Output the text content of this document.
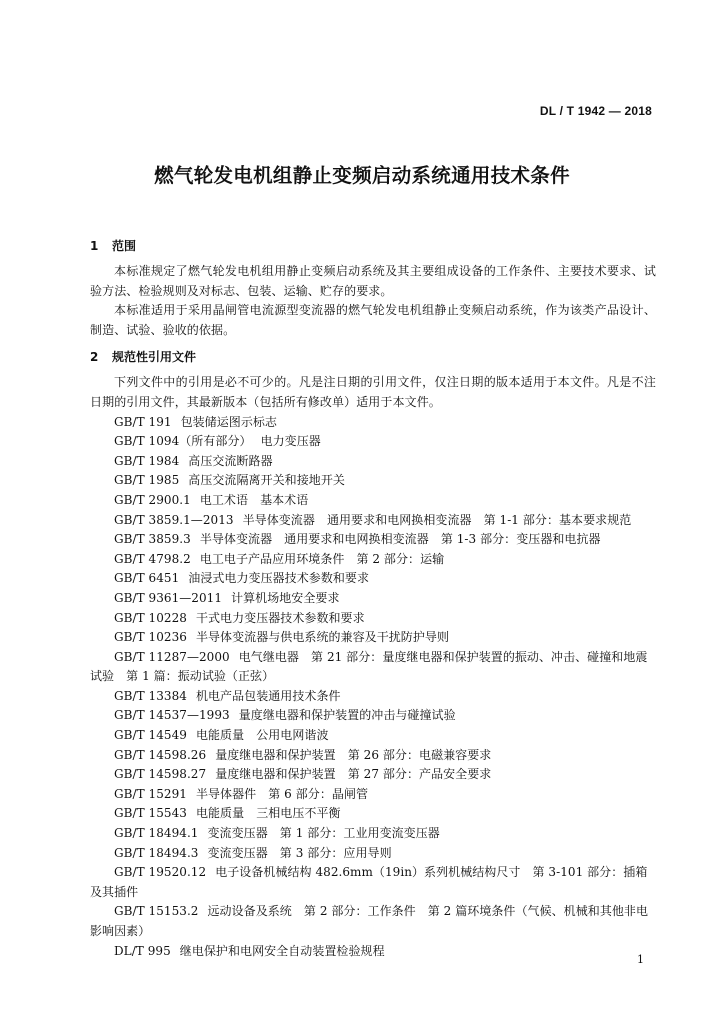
DL / T 1942 — 2018
燃气轮发电机组静止变频启动系统通用技术条件
1 范围

本标准规定了燃气轮发电机组用静止变频启动系统及其主要组成设备的工作条件、主要技术要求、试验方法、检验规则及对标志、包装、运输、贮存的要求。

本标准适用于采用晶闸管电流源型变流器的燃气轮发电机组静止变频启动系统，作为该类产品设计、制造、试验、验收的依据。

2 规范性引用文件

下列文件中的引用是必不可少的。凡是注日期的引用文件，仅注日期的版本适用于本文件。凡是不注日期的引用文件，其最新版本（包括所有修改单）适用于本文件。

GB/T 191 包装储运图示标志

GB/T 1094（所有部分） 电力变压器

GB/T 1984 高压交流断路器

GB/T 1985 高压交流隔离开关和接地开关

GB/T 2900.1 电工术语　基本术语

GB/T 3859.1—2013 半导体变流器　通用要求和电网换相变流器　第 1-1 部分：基本要求规范

GB/T 3859.3 半导体变流器　通用要求和电网换相变流器　第 1-3 部分：变压器和电抗器

GB/T 4798.2 电工电子产品应用环境条件　第 2 部分：运输

GB/T 6451 油浸式电力变压器技术参数和要求

GB/T 9361—2011 计算机场地安全要求

GB/T 10228 干式电力变压器技术参数和要求

GB/T 10236 半导体变流器与供电系统的兼容及干扰防护导则

GB/T 11287—2000 电气继电器　第 21 部分：量度继电器和保护装置的振动、冲击、碰撞和地震试验　第 1 篇：振动试验（正弦）

GB/T 13384 机电产品包装通用技术条件

GB/T 14537—1993 量度继电器和保护装置的冲击与碰撞试验

GB/T 14549 电能质量　公用电网谐波

GB/T 14598.26 量度继电器和保护装置　第 26 部分：电磁兼容要求

GB/T 14598.27 量度继电器和保护装置　第 27 部分：产品安全要求

GB/T 15291 半导体器件　第 6 部分：晶闸管

GB/T 15543 电能质量　三相电压不平衡

GB/T 18494.1 变流变压器　第 1 部分：工业用变流变压器

GB/T 18494.3 变流变压器　第 3 部分：应用导则

GB/T 19520.12 电子设备机械结构 482.6mm（19in）系列机械结构尺寸　第 3-101 部分：插箱及其插件

GB/T 15153.2 远动设备及系统　第 2 部分：工作条件　第 2 篇环境条件（气候、机械和其他非电影响因素）

DL/T 995 继电保护和电网安全自动装置检验规程

1
